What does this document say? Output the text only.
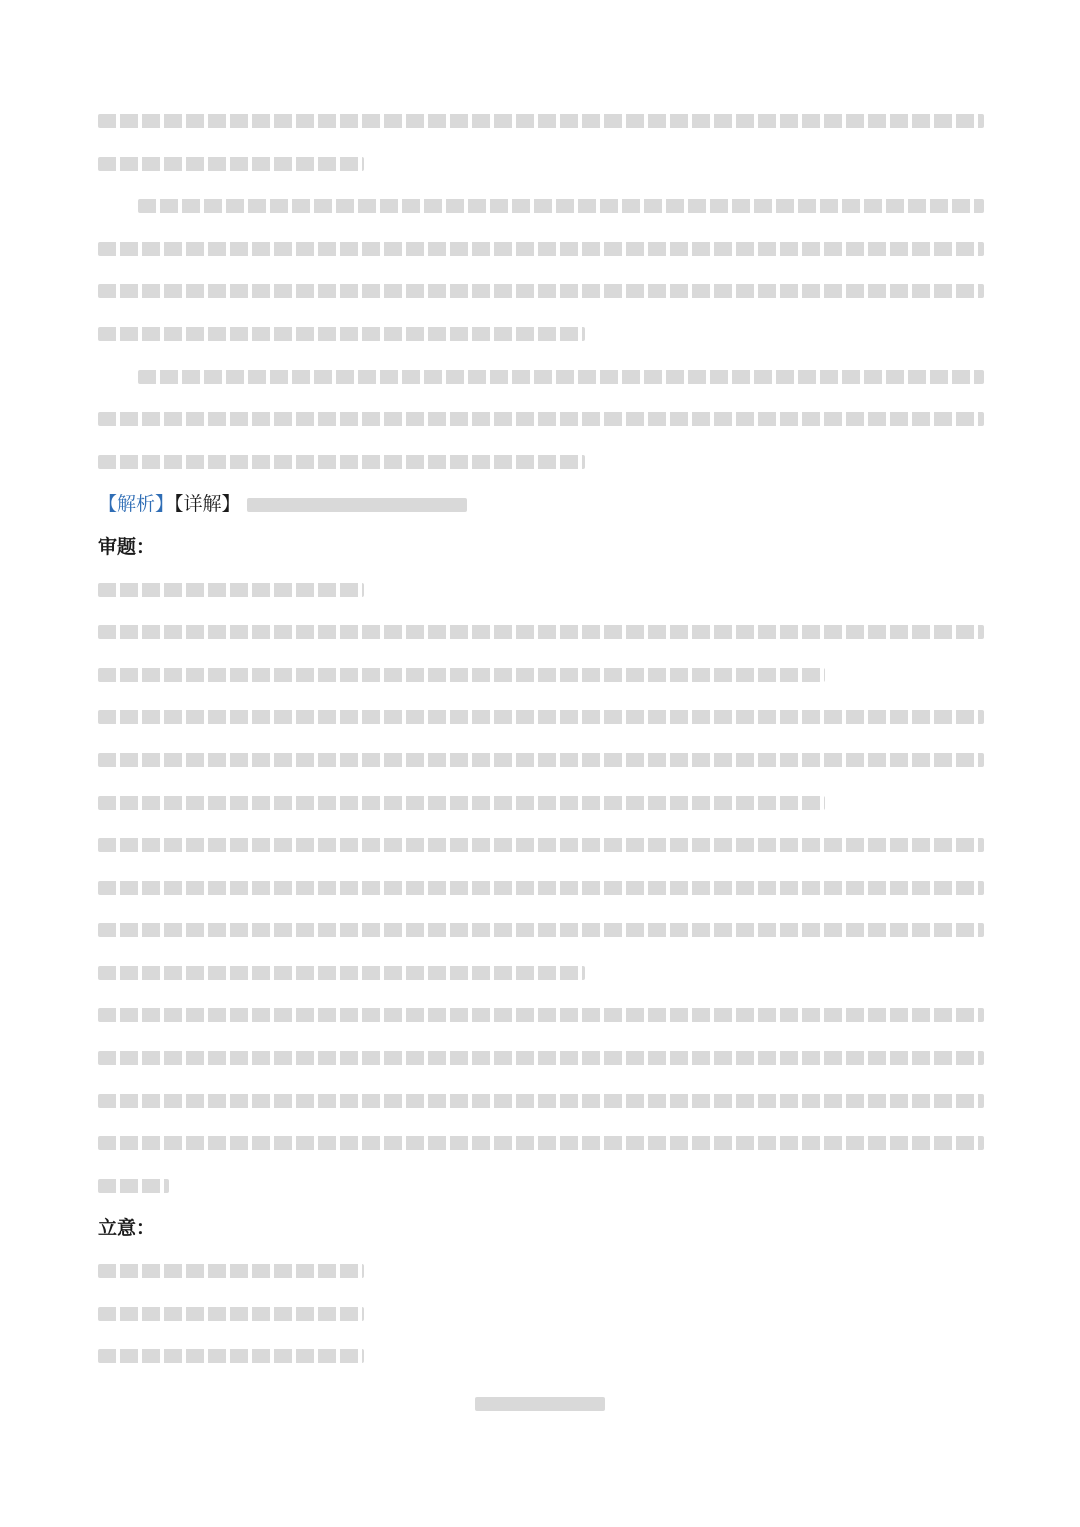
【解析】【详解】

审题：

立意：
